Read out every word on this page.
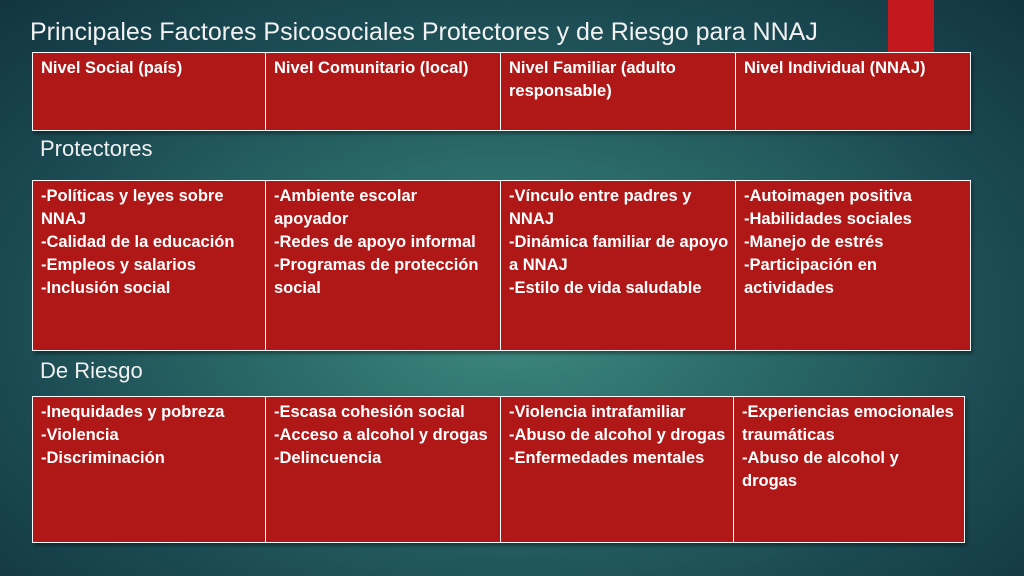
Principales Factores Psicosociales Protectores y de Riesgo para NNAJ
Nivel Social (país)	Nivel Comunitario (local)	Nivel Familiar (adulto responsable)	Nivel Individual (NNAJ)
Protectores
-Políticas y leyes sobre NNAJ
-Calidad de la educación
-Empleos y salarios
-Inclusión social

-Ambiente escolar apoyador
-Redes de apoyo informal
-Programas de protección social

-Vínculo entre padres y NNAJ
-Dinámica familiar de apoyo a NNAJ
-Estilo de vida saludable

-Autoimagen positiva
-Habilidades sociales
-Manejo de estrés
-Participación en actividades
De Riesgo
-Inequidades y pobreza
-Violencia
-Discriminación

-Escasa cohesión social
-Acceso a alcohol y drogas
-Delincuencia

-Violencia intrafamiliar
-Abuso de alcohol y drogas
-Enfermedades mentales

-Experiencias emocionales traumáticas
-Abuso de alcohol y drogas
